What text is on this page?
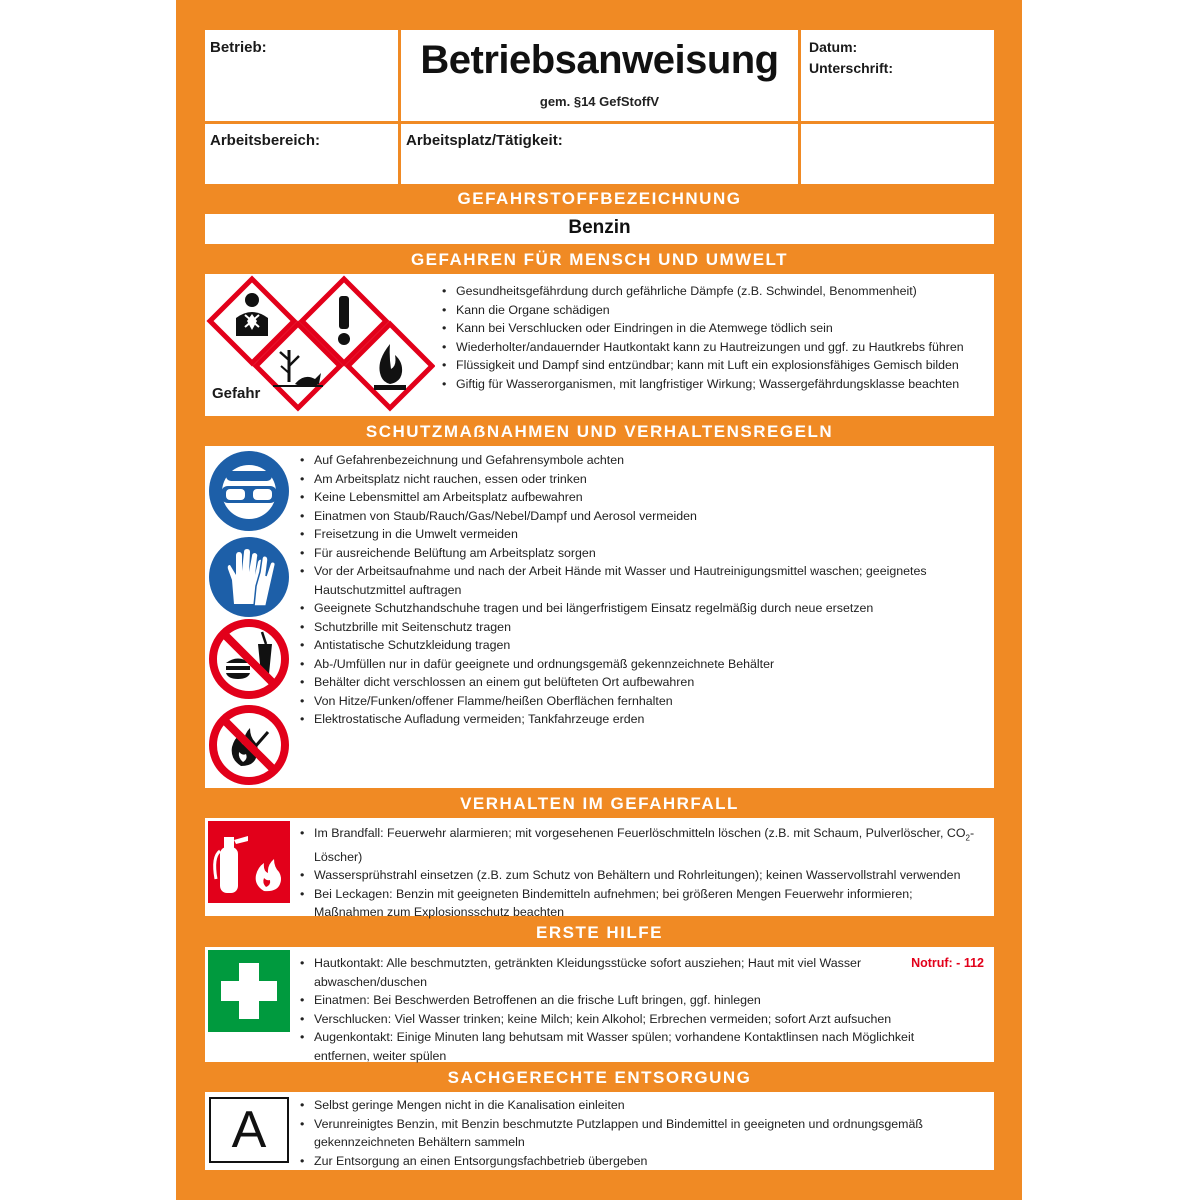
Betrieb:	Betriebsanweisung
gem. §14 GefStoffV
Datum:
Unterschrift:
Arbeitsbereich:	Arbeitsplatz/Tätigkeit:
GEFAHRSTOFFBEZEICHNUNG
Benzin
GEFAHREN FÜR MENSCH UND UMWELT
Gefahr
• Gesundheitsgefährdung durch gefährliche Dämpfe (z.B. Schwindel, Benommenheit)
• Kann die Organe schädigen
• Kann bei Verschlucken oder Eindringen in die Atemwege tödlich sein
• Wiederholter/andauernder Hautkontakt kann zu Hautreizungen und ggf. zu Hautkrebs führen
• Flüssigkeit und Dampf sind entzündbar; kann mit Luft ein explosionsfähiges Gemisch bilden
• Giftig für Wasserorganismen, mit langfristiger Wirkung; Wassergefährdungsklasse beachten
SCHUTZMAẞNAHMEN UND VERHALTENSREGELN
• Auf Gefahrenbezeichnung und Gefahrensymbole achten
• Am Arbeitsplatz nicht rauchen, essen oder trinken
• Keine Lebensmittel am Arbeitsplatz aufbewahren
• Einatmen von Staub/Rauch/Gas/Nebel/Dampf und Aerosol vermeiden
• Freisetzung in die Umwelt vermeiden
• Für ausreichende Belüftung am Arbeitsplatz sorgen
• Vor der Arbeitsaufnahme und nach der Arbeit Hände mit Wasser und Hautreinigungsmittel waschen; geeignetes Hautschutzmittel auftragen
• Geeignete Schutzhandschuhe tragen und bei längerfristigem Einsatz regelmäßig durch neue ersetzen
• Schutzbrille mit Seitenschutz tragen
• Antistatische Schutzkleidung tragen
• Ab-/Umfüllen nur in dafür geeignete und ordnungsgemäß gekennzeichnete Behälter
• Behälter dicht verschlossen an einem gut belüfteten Ort aufbewahren
• Von Hitze/Funken/offener Flamme/heißen Oberflächen fernhalten
• Elektrostatische Aufladung vermeiden; Tankfahrzeuge erden
VERHALTEN IM GEFAHRFALL
• Im Brandfall: Feuerwehr alarmieren; mit vorgesehenen Feuerlöschmitteln löschen (z.B. mit Schaum, Pulverlöscher, $CO_2-Löscher$)
• Wassersprühstrahl einsetzen (z.B. zum Schutz von Behältern und Rohrleitungen); keinen Wasservollstrahl verwenden
• Bei Leckagen: Benzin mit geeigneten Bindemitteln aufnehmen; bei größeren Mengen Feuerwehr informieren; Maßnahmen zum Explosionsschutz beachten
ERSTE HILFE
Notruf: - 112
• Hautkontakt: Alle beschmutzten, getränkten Kleidungsstücke sofort ausziehen; Haut mit viel Wasser abwaschen/duschen
• Einatmen: Bei Beschwerden Betroffenen an die frische Luft bringen, ggf. hinlegen
• Verschlucken: Viel Wasser trinken; keine Milch; kein Alkohol; Erbrechen vermeiden; sofort Arzt aufsuchen
• Augenkontakt: Einige Minuten lang behutsam mit Wasser spülen; vorhandene Kontaktlinsen nach Möglichkeit entfernen, weiter spülen
SACHGERECHTE ENTSORGUNG
A
•	Selbst geringe Mengen nicht in die Kanalisation einleiten
• Verunreinigtes Benzin, mit Benzin beschmutzte Putzlappen und Bindemittel in geeigneten und ordnungsgemäß gekennzeichneten Behältern sammeln
• Zur Entsorgung an einen Entsorgungsfachbetrieb übergeben
